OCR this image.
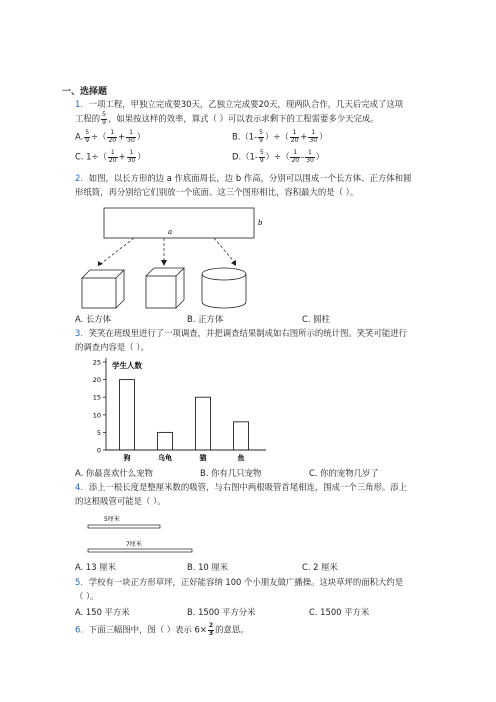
一、选择题
1．一项工程，甲独立完成要30天，乙独立完成要20天，现两队合作，几天后完成了这项
工程的 $\frac{5}{9}$ ，如果按这样的效率，算式（ ）可以表示求剩下的工程需要多少天完成。
A. $\frac{5}{9}$ ÷（ $\frac{1}{20} + \frac{1}{30}$ ）	$B.(1- \frac{5}{9}$ ）÷（ $\frac{1}{20} + \frac{1}{30}$ ）
C. $1\div( \frac{1}{20} + \frac{1}{30}$ ）	$D.(1- \frac{5}{9}$ ）÷（ $\frac{1}{20} - \frac{1}{30}$ ）
2．如图，以长方形的边 a 作底面周长，边 b 作高，分别可以围成一个长方体、正方体和圆
形纸筒，再分别给它们别放一个底面。这三个图形相比，容积最大的是（ ）。
a
b
A. 长方体	B. 正方体	C. 圆柱
3．笑笑在班级里进行了一项调查，并把调查结果制成如右图所示的统计图。笑笑可能进行
的调查内容是（ ）。
学生人数
0
5
10
15
20
25
狗	乌龟	猫	鱼
A. 你最喜欢什么宠物	B. 你有几只宠物	C. 你的宠物几岁了
4．添上一根长度是整厘米数的吸管，与右图中两根吸管首尾相连，围成一个三角形。添上
的这根吸管可能是（ ）。
5厘米
7厘米
A. 13 厘米	B. 10 厘米	C. 2 厘米
5．学校有一块正方形草坪，正好能容纳 100 个小朋友做广播操。这块草坪的面积大约是
（ ）。
A. 150 平方米	B. 1500 平方分米	C. 1500 平方米
6．下面三幅图中，图（ ）表示 $6\times \frac{2}{3}$ 的意思。
